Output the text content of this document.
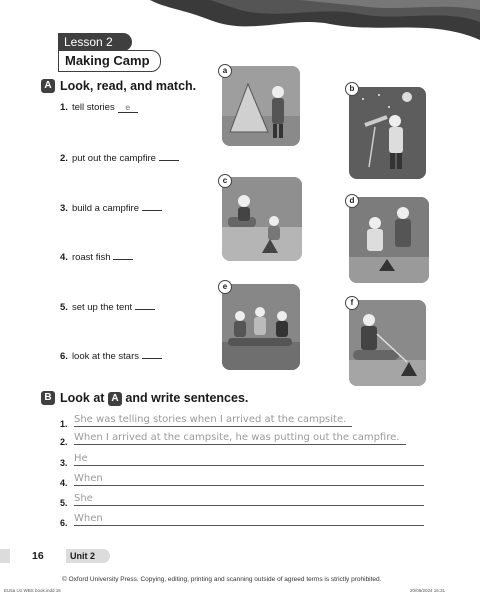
Lesson 2
Making Camp
A Look, read, and match.
1. tell stories e
2. put out the campfire
3. build a campfire
4. roast fish
5. set up the tent
6. look at the stars
a
b
c
d
e
f
B Look at A and write sentences.
1. She was telling stories when I arrived at the campsite.
2. When I arrived at the campsite, he was putting out the campfire.
3. He
4. When
5. She
6. When
16	Unit 2
© Oxford University Press. Copying, editing, printing and scanning outside of agreed terms is strictly prohibited.
EU5a U1 WBS book.indd 16	20/06/2024 16:31
